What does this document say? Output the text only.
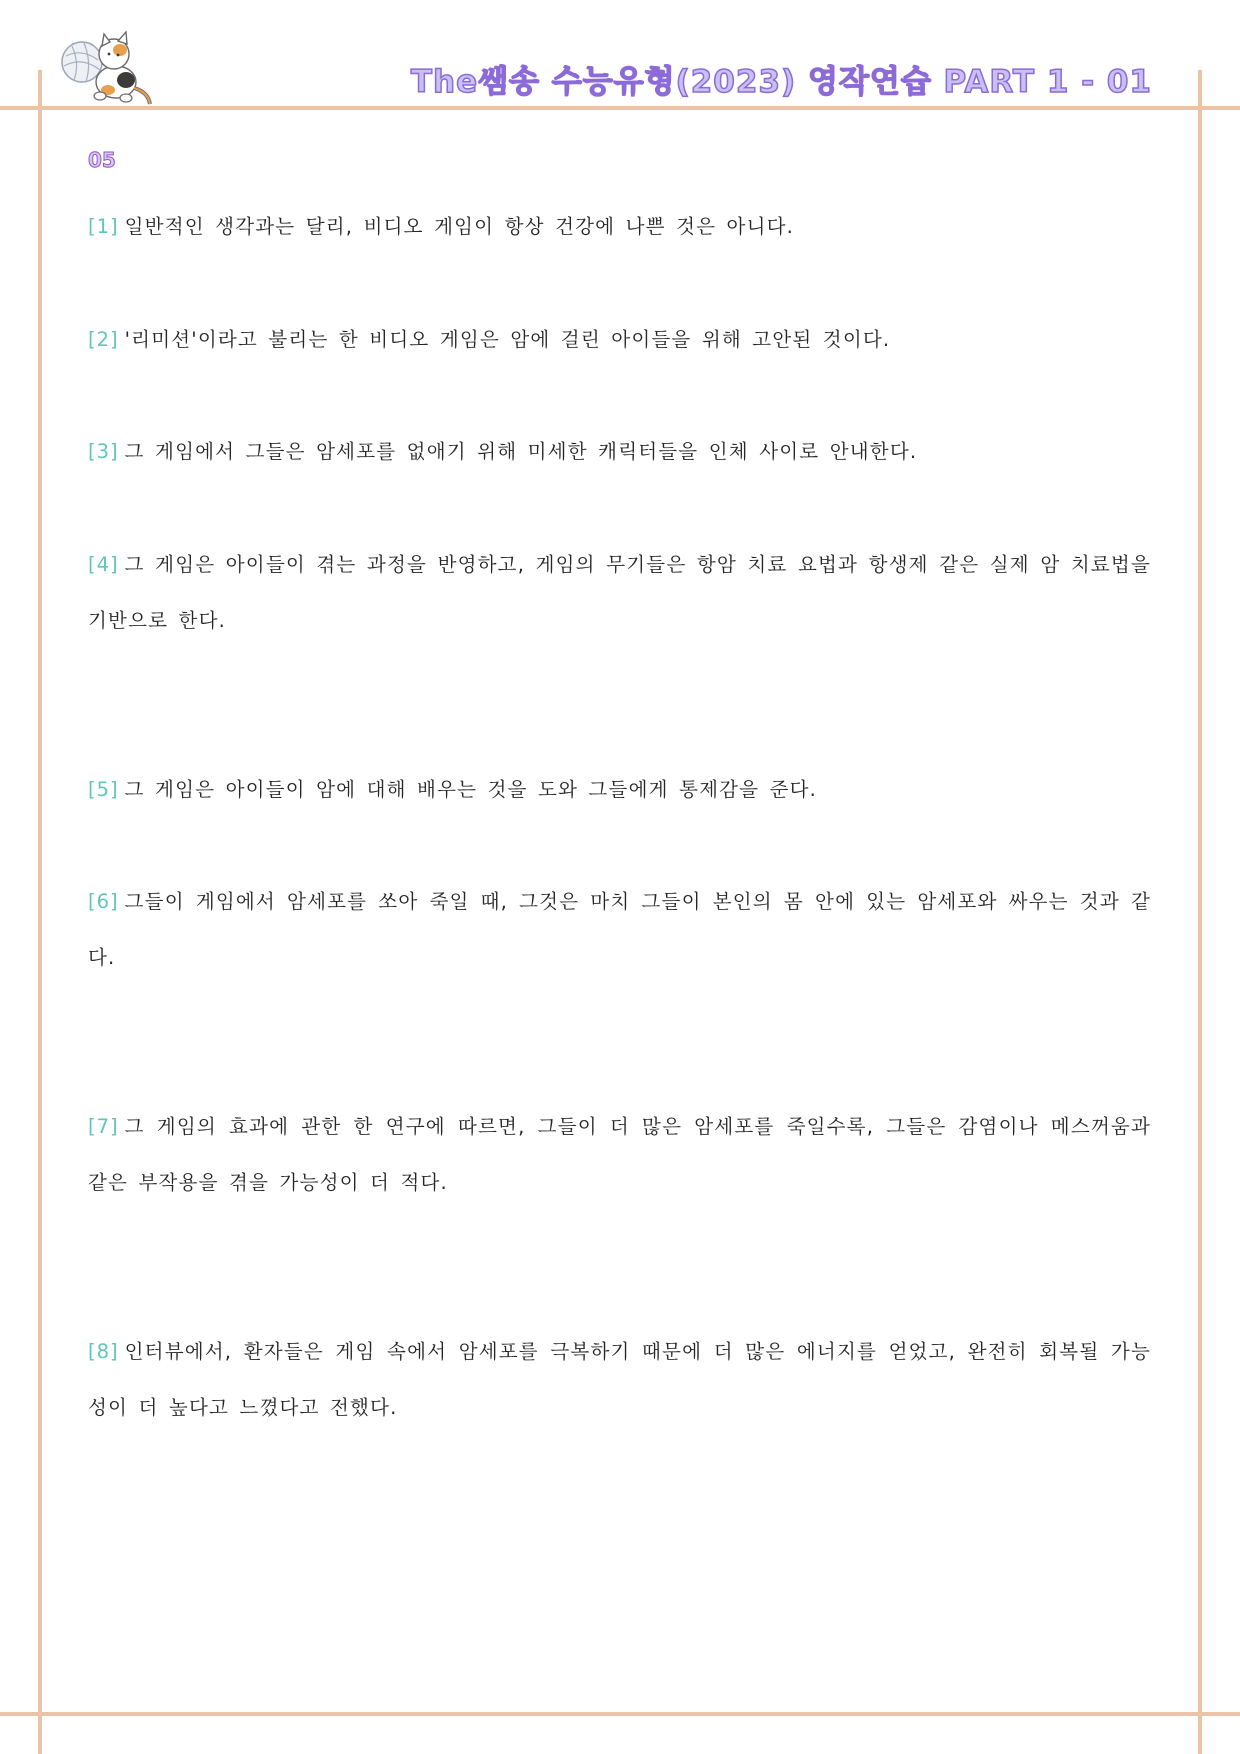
The쌤송 수능유형(2023) 영작연습 PART 1 - 01
05
[1] 일반적인 생각과는 달리, 비디오 게임이 항상 건강에 나쁜 것은 아니다.
[2] '리미션'이라고 불리는 한 비디오 게임은 암에 걸린 아이들을 위해 고안된 것이다.
[3] 그 게임에서 그들은 암세포를 없애기 위해 미세한 캐릭터들을 인체 사이로 안내한다.
[4] 그 게임은 아이들이 겪는 과정을 반영하고, 게임의 무기들은 항암 치료 요법과 항생제 같은 실제 암 치료법을 기반으로 한다.
[5] 그 게임은 아이들이 암에 대해 배우는 것을 도와 그들에게 통제감을 준다.
[6] 그들이 게임에서 암세포를 쏘아 죽일 때, 그것은 마치 그들이 본인의 몸 안에 있는 암세포와 싸우는 것과 같다.
[7] 그 게임의 효과에 관한 한 연구에 따르면, 그들이 더 많은 암세포를 죽일수록, 그들은 감염이나 메스꺼움과 같은 부작용을 겪을 가능성이 더 적다.
[8] 인터뷰에서, 환자들은 게임 속에서 암세포를 극복하기 때문에 더 많은 에너지를 얻었고, 완전히 회복될 가능성이 더 높다고 느꼈다고 전했다.
